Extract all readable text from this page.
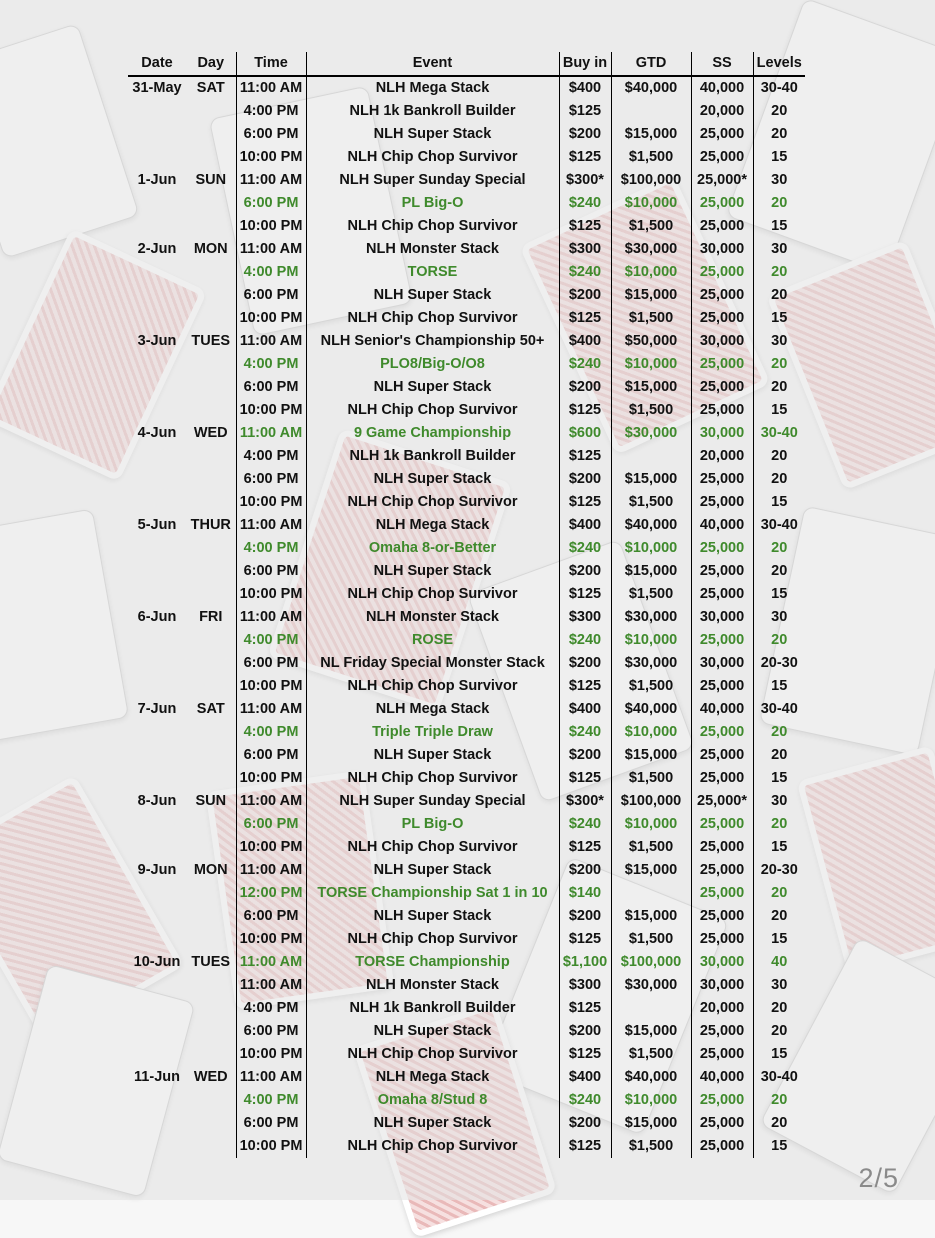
Date	Day	Time	Event	Buy in	GTD	SS	Levels
31-May	SAT	11:00 AM	NLH Mega Stack	$400	$40,000	40,000	30-40
		4:00 PM	NLH 1k Bankroll Builder	$125		20,000	20
		6:00 PM	NLH Super Stack	$200	$15,000	25,000	20
		10:00 PM	NLH Chip Chop Survivor	$125	$1,500	25,000	15
1-Jun	SUN	11:00 AM	NLH Super Sunday Special	$300*	$100,000	25,000*	30
		6:00 PM	PL Big-O	$240	$10,000	25,000	20
		10:00 PM	NLH Chip Chop Survivor	$125	$1,500	25,000	15
2-Jun	MON	11:00 AM	NLH Monster Stack	$300	$30,000	30,000	30
		4:00 PM	TORSE	$240	$10,000	25,000	20
		6:00 PM	NLH Super Stack	$200	$15,000	25,000	20
		10:00 PM	NLH Chip Chop Survivor	$125	$1,500	25,000	15
3-Jun	TUES	11:00 AM	NLH Senior's Championship 50+	$400	$50,000	30,000	30
		4:00 PM	PLO8/Big-O/O8	$240	$10,000	25,000	20
		6:00 PM	NLH Super Stack	$200	$15,000	25,000	20
		10:00 PM	NLH Chip Chop Survivor	$125	$1,500	25,000	15
4-Jun	WED	11:00 AM	9 Game Championship	$600	$30,000	30,000	30-40
		4:00 PM	NLH 1k Bankroll Builder	$125		20,000	20
		6:00 PM	NLH Super Stack	$200	$15,000	25,000	20
		10:00 PM	NLH Chip Chop Survivor	$125	$1,500	25,000	15
5-Jun	THUR	11:00 AM	NLH Mega Stack	$400	$40,000	40,000	30-40
		4:00 PM	Omaha 8-or-Better	$240	$10,000	25,000	20
		6:00 PM	NLH Super Stack	$200	$15,000	25,000	20
		10:00 PM	NLH Chip Chop Survivor	$125	$1,500	25,000	15
6-Jun	FRI	11:00 AM	NLH Monster Stack	$300	$30,000	30,000	30
		4:00 PM	ROSE	$240	$10,000	25,000	20
		6:00 PM	NL Friday Special Monster Stack	$200	$30,000	30,000	20-30
		10:00 PM	NLH Chip Chop Survivor	$125	$1,500	25,000	15
7-Jun	SAT	11:00 AM	NLH Mega Stack	$400	$40,000	40,000	30-40
		4:00 PM	Triple Triple Draw	$240	$10,000	25,000	20
		6:00 PM	NLH Super Stack	$200	$15,000	25,000	20
		10:00 PM	NLH Chip Chop Survivor	$125	$1,500	25,000	15
8-Jun	SUN	11:00 AM	NLH Super Sunday Special	$300*	$100,000	25,000*	30
		6:00 PM	PL Big-O	$240	$10,000	25,000	20
		10:00 PM	NLH Chip Chop Survivor	$125	$1,500	25,000	15
9-Jun	MON	11:00 AM	NLH Super Stack	$200	$15,000	25,000	20-30
		12:00 PM	TORSE Championship Sat 1 in 10	$140		25,000	20
		6:00 PM	NLH Super Stack	$200	$15,000	25,000	20
		10:00 PM	NLH Chip Chop Survivor	$125	$1,500	25,000	15
10-Jun	TUES	11:00 AM	TORSE Championship	$1,100	$100,000	30,000	40
		11:00 AM	NLH Monster Stack	$300	$30,000	30,000	30
		4:00 PM	NLH 1k Bankroll Builder	$125		20,000	20
		6:00 PM	NLH Super Stack	$200	$15,000	25,000	20
		10:00 PM	NLH Chip Chop Survivor	$125	$1,500	25,000	15
11-Jun	WED	11:00 AM	NLH Mega Stack	$400	$40,000	40,000	30-40
		4:00 PM	Omaha 8/Stud 8	$240	$10,000	25,000	20
		6:00 PM	NLH Super Stack	$200	$15,000	25,000	20
		10:00 PM	NLH Chip Chop Survivor	$125	$1,500	25,000	15
2/5
